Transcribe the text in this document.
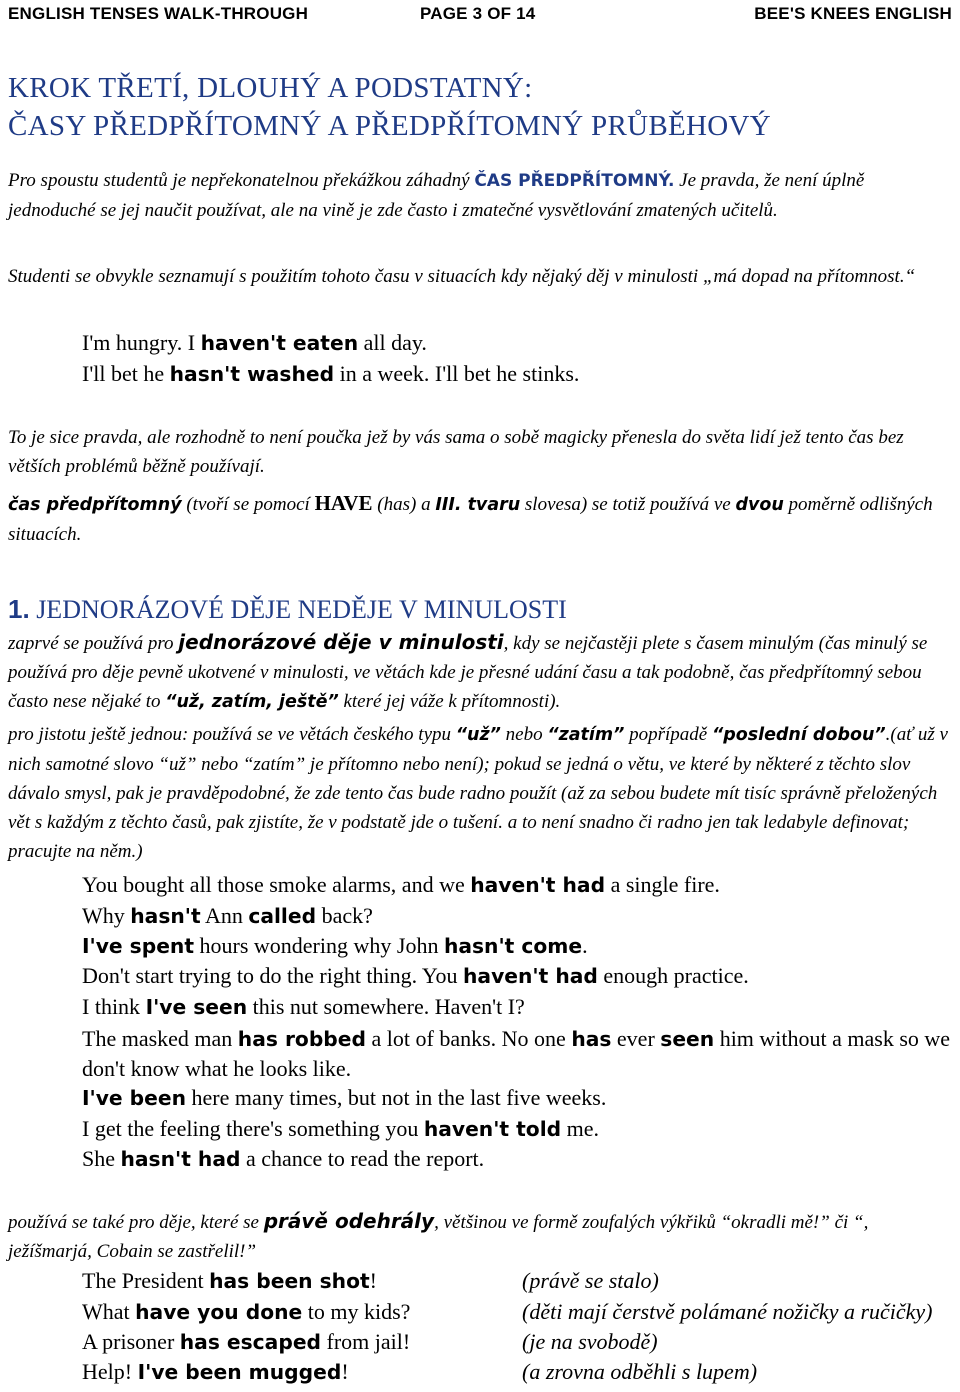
ENGLISH TENSES WALK-THROUGH	PAGE 3 OF 14	BEE'S KNEES ENGLISH
KROK TŘETÍ, DLOUHÝ A PODSTATNÝ:
ČASY PŘEDPŘÍTOMNÝ A PŘEDPŘÍTOMNÝ PRŮBĚHOVÝ
Pro spoustu studentů je nepřekonatelnou překážkou záhadný ČAS PŘEDPŘÍTOMNÝ. Je pravda, že není úplně jednoduché se jej naučit používat, ale na vině je zde často i zmatečné vysvětlování zmatených učitelů.
Studenti se obvykle seznamují s použitím tohoto času v situacích kdy nějaký děj v minulosti „má dopad na přítomnost.“
I'm hungry. I haven't eaten all day.
I'll bet he hasn't washed in a week. I'll bet he stinks.
To je sice pravda, ale rozhodně to není poučka jež by vás sama o sobě magicky přenesla do světa lidí jež tento čas bez větších problémů běžně používají.
čas předpřítomný (tvoří se pomocí HAVE (has) a III. tvaru slovesa) se totiž používá ve dvou poměrně odlišných situacích.
1. JEDNORÁZOVÉ DĚJE NEDĚJE V MINULOSTI
zaprvé se používá pro jednorázové děje v minulosti, kdy se nejčastěji plete s časem minulým (čas minulý se používá pro děje pevně ukotvené v minulosti, ve větách kde je přesné udání času a tak podobně, čas předpřítomný sebou často nese nějaké to “už, zatím, ještě” které jej váže k přítomnosti).
pro jistotu ještě jednou: používá se ve větách českého typu “už” nebo “zatím” popřípadě “poslední dobou”.(ať už v nich samotné slovo “už” nebo “zatím” je přítomno nebo není); pokud se jedná o větu, ve které by některé z těchto slov dávalo smysl, pak je pravděpodobné, že zde tento čas bude radno použít (až za sebou budete mít tisíc správně přeložených vět s každým z těchto časů, pak zjistíte, že v podstatě jde o tušení. a to není snadno či radno jen tak ledabyle definovat; pracujte na něm.)
You bought all those smoke alarms, and we haven't had a single fire.
Why hasn't Ann called back?
I've spent hours wondering why John hasn't come.
Don't start trying to do the right thing. You haven't had enough practice.
I think I've seen this nut somewhere. Haven't I?
The masked man has robbed a lot of banks. No one has ever seen him without a mask so we don't know what he looks like.
I've been here many times, but not in the last five weeks.
I get the feeling there's something you haven't told me.
She hasn't had a chance to read the report.
používá se také pro děje, které se právě odehrály, většinou ve formě zoufalých výkřiků “okradli mě!” či “, ježíšmarjá, Cobain se zastřelil!”
The President has been shot!	(právě se stalo)
What have you done to my kids?	(děti mají čerstvě polámané nožičky a ručičky)
A prisoner has escaped from jail!	(je na svobodě)
Help! I've been mugged!	(a zrovna odběhli s lupem)
